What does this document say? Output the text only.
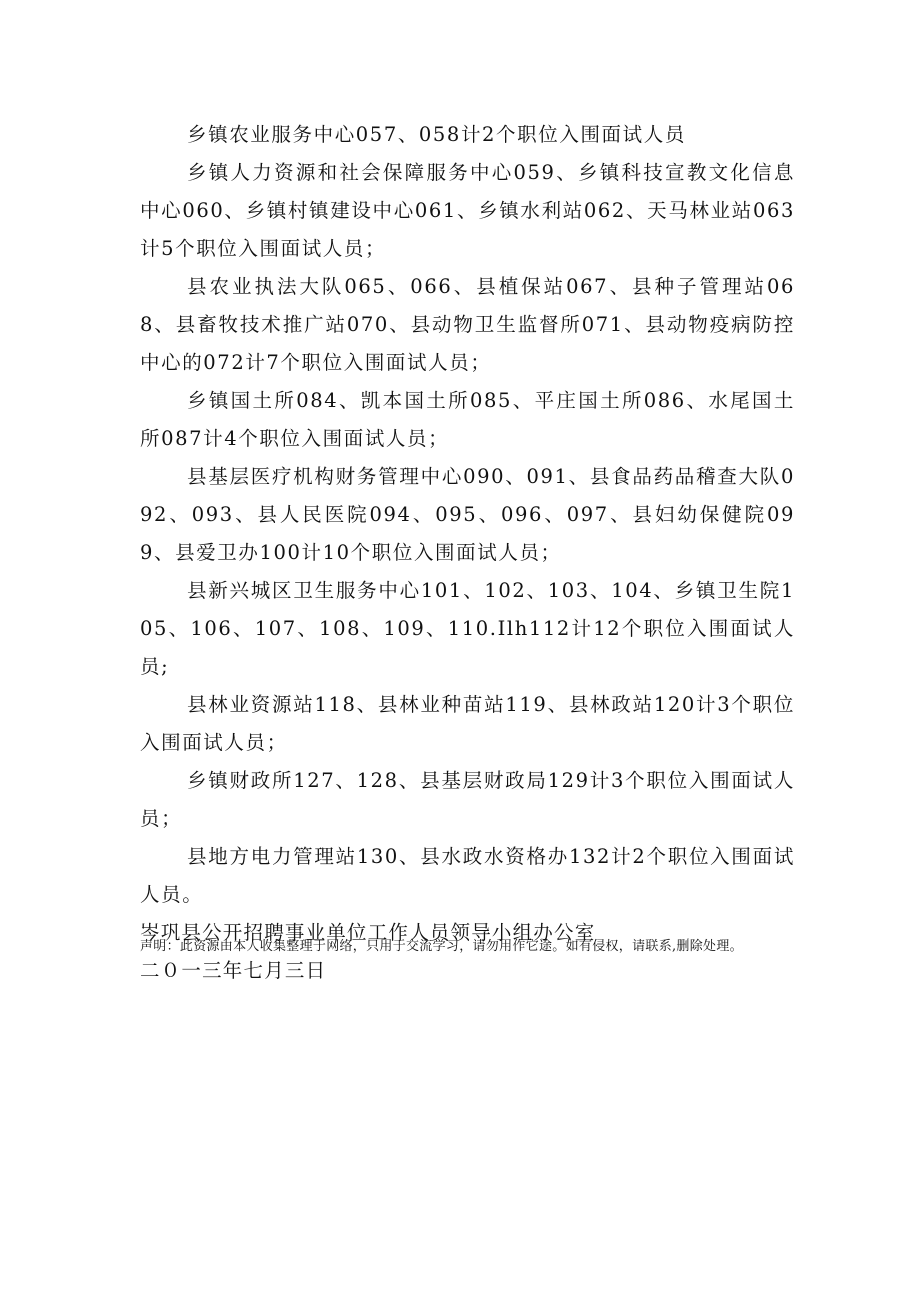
乡镇农业服务中心057、058计2个职位入围面试人员

乡镇人力资源和社会保障服务中心059、乡镇科技宣教文化信息中心060、乡镇村镇建设中心061、乡镇水利站062、天马林业站063计5个职位入围面试人员；

县农业执法大队065、066、县植保站067、县种子管理站068、县畜牧技术推广站070、县动物卫生监督所071、县动物疫病防控中心的072计7个职位入围面试人员；

乡镇国土所084、凯本国土所085、平庄国土所086、水尾国土所087计4个职位入围面试人员；

县基层医疗机构财务管理中心090、091、县食品药品稽查大队092、093、县人民医院094、095、096、097、县妇幼保健院099、县爱卫办100计10个职位入围面试人员；

县新兴城区卫生服务中心101、102、103、104、乡镇卫生院105、106、107、108、109、110.Ilh112计12个职位入围面试人员;

县林业资源站118、县林业种苗站119、县林政站120计3个职位入围面试人员；

乡镇财政所127、128、县基层财政局129计3个职位入围面试人员；

县地方电力管理站130、县水政水资格办132计2个职位入围面试人员。

岑巩县公开招聘事业单位工作人员领导小组办公室

二０一三年七月三日

声明：此资源由本人收集整理于网络，只用于交流学习，请勿用作它途。如有侵权，请联系,删除处理。
